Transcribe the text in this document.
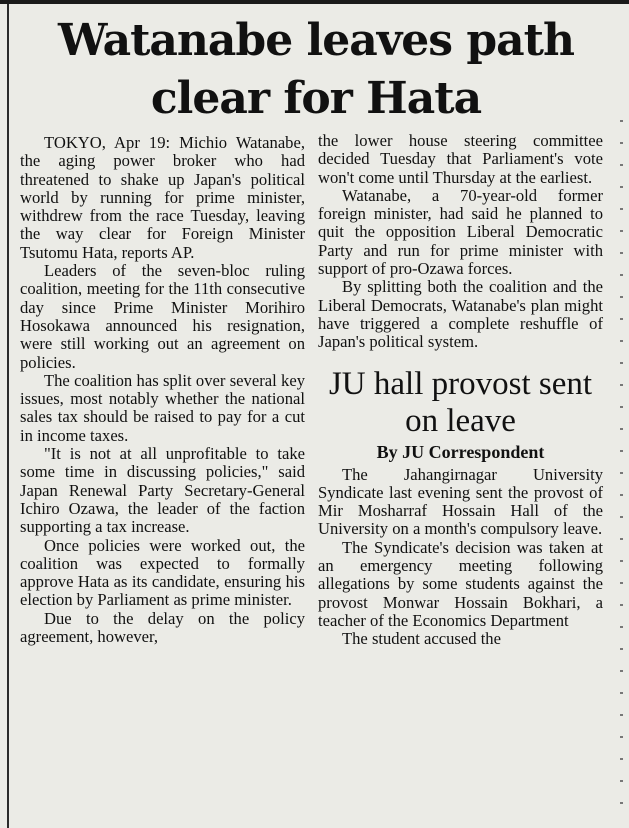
Watanabe leaves path clear for Hata

TOKYO, Apr 19: Michio Watanabe, the aging power broker who had threatened to shake up Japan's political world by running for prime minister, withdrew from the race Tuesday, leaving the way clear for Foreign Minister Tsutomu Hata, reports AP.

Leaders of the seven-bloc ruling coalition, meeting for the 11th consecutive day since Prime Minister Morihiro Hosokawa announced his resignation, were still working out an agreement on policies.

The coalition has split over several key issues, most notably whether the national sales tax should be raised to pay for a cut in income taxes.

"It is not at all unprofitable to take some time in discussing policies," said Japan Renewal Party Secretary-General Ichiro Ozawa, the leader of the faction supporting a tax increase.

Once policies were worked out, the coalition was expected to formally approve Hata as its candidate, ensuring his election by Parliament as prime minister.

Due to the delay on the policy agreement, however,

the lower house steering committee decided Tuesday that Parliament's vote won't come until Thursday at the earliest.

Watanabe, a 70-year-old former foreign minister, had said he planned to quit the opposition Liberal Democratic Party and run for prime minister with support of pro-Ozawa forces.

By splitting both the coalition and the Liberal Democrats, Watanabe's plan might have triggered a complete reshuffle of Japan's political system.

JU hall provost sent on leave
By JU Correspondent

The Jahangirnagar University Syndicate last evening sent the provost of Mir Mosharraf Hossain Hall of the University on a month's compulsory leave.

The Syndicate's decision was taken at an emergency meeting following allegations by some students against the provost Monwar Hossain Bokhari, a teacher of the Economics Department

The student accused the
